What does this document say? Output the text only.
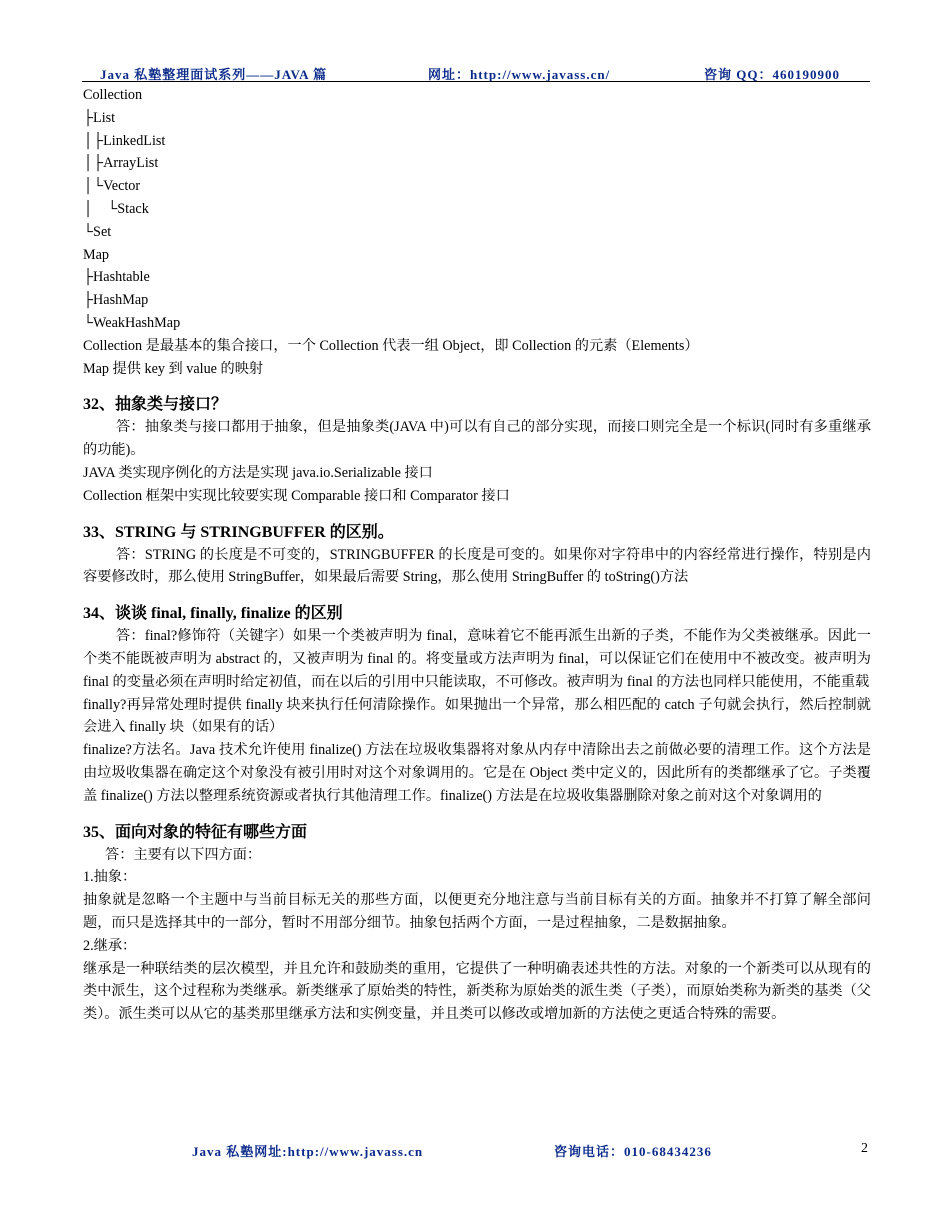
Java 私塾整理面试系列——JAVA 篇	网址：http://www.javass.cn/	咨询 QQ：460190900
Collection
├List
│├LinkedList
│├ArrayList
│└Vector
│　└Stack
└Set
Map
├Hashtable
├HashMap
└WeakHashMap
Collection 是最基本的集合接口，一个 Collection 代表一组 Object，即 Collection 的元素（Elements）
Map 提供 key 到 value 的映射
32、抽象类与接口？
答：抽象类与接口都用于抽象，但是抽象类(JAVA 中)可以有自己的部分实现，而接口则完全是一个标识(同时有多重继承的功能)。
JAVA 类实现序例化的方法是实现 java.io.Serializable 接口
Collection 框架中实现比较要实现 Comparable 接口和 Comparator 接口
33、STRING 与 STRINGBUFFER 的区别。
答：STRING 的长度是不可变的，STRINGBUFFER 的长度是可变的。如果你对字符串中的内容经常进行操作，特别是内容要修改时，那么使用 StringBuffer，如果最后需要 String，那么使用 StringBuffer 的 toString()方法
34、谈谈 final, finally, finalize 的区别
答：final?修饰符（关键字）如果一个类被声明为 final，意味着它不能再派生出新的子类，不能作为父类被继承。因此一个类不能既被声明为 abstract 的，又被声明为 final 的。将变量或方法声明为 final，可以保证它们在使用中不被改变。被声明为 final 的变量必须在声明时给定初值，而在以后的引用中只能读取，不可修改。被声明为 final 的方法也同样只能使用，不能重载
finally?再异常处理时提供 finally 块来执行任何清除操作。如果抛出一个异常，那么相匹配的 catch 子句就会执行，然后控制就会进入 finally 块（如果有的话）
finalize?方法名。Java 技术允许使用 finalize() 方法在垃圾收集器将对象从内存中清除出去之前做必要的清理工作。这个方法是由垃圾收集器在确定这个对象没有被引用时对这个对象调用的。它是在 Object 类中定义的，因此所有的类都继承了它。子类覆盖 finalize() 方法以整理系统资源或者执行其他清理工作。finalize() 方法是在垃圾收集器删除对象之前对这个对象调用的
35、面向对象的特征有哪些方面
答：主要有以下四方面：
1.抽象：
抽象就是忽略一个主题中与当前目标无关的那些方面，以便更充分地注意与当前目标有关的方面。抽象并不打算了解全部问题，而只是选择其中的一部分，暂时不用部分细节。抽象包括两个方面，一是过程抽象，二是数据抽象。
2.继承：
继承是一种联结类的层次模型，并且允许和鼓励类的重用，它提供了一种明确表述共性的方法。对象的一个新类可以从现有的类中派生，这个过程称为类继承。新类继承了原始类的特性，新类称为原始类的派生类（子类），而原始类称为新类的基类（父类）。派生类可以从它的基类那里继承方法和实例变量，并且类可以修改或增加新的方法使之更适合特殊的需要。
Java 私塾网址:http://www.javass.cn	咨询电话：010-68434236	2
